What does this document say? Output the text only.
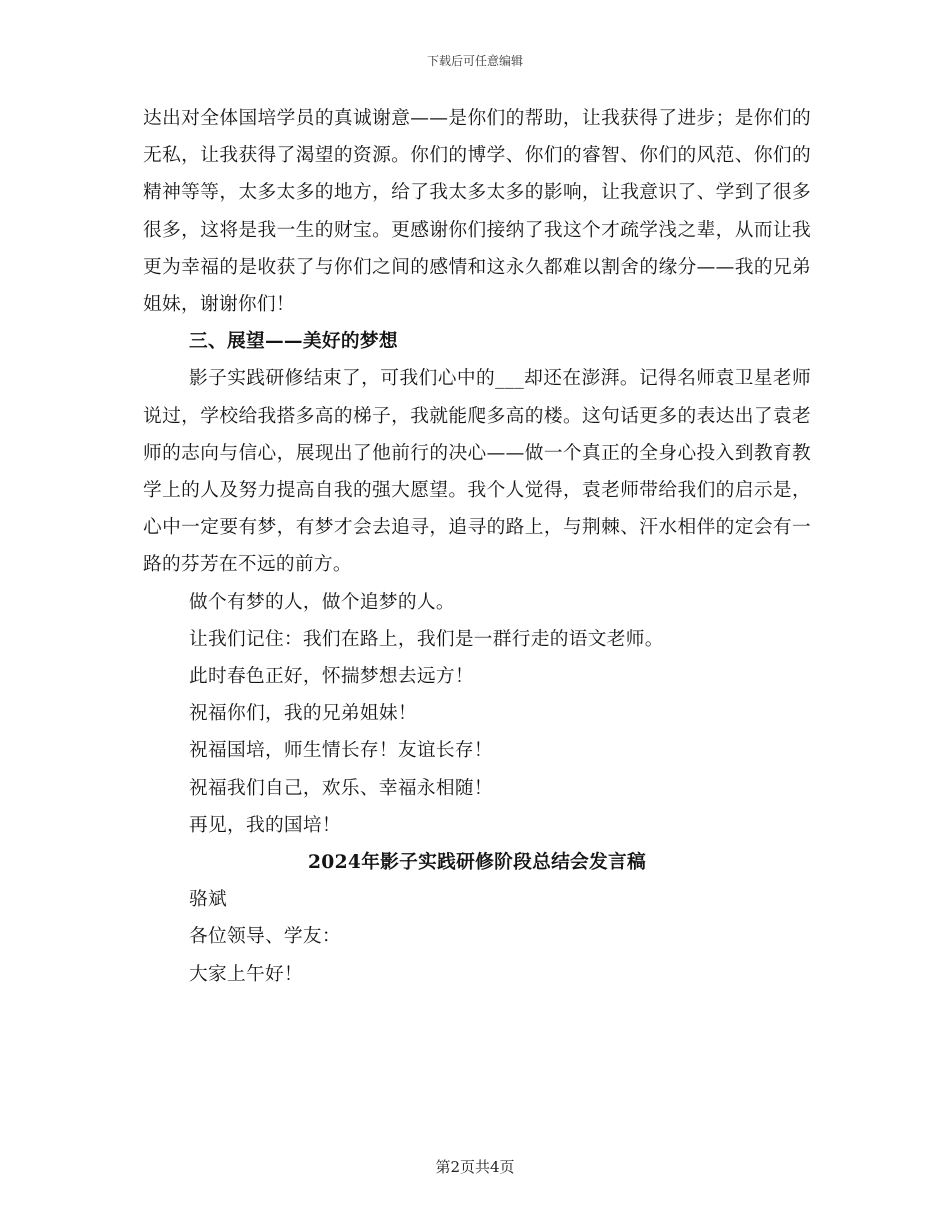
下载后可任意编辑

达出对全体国培学员的真诚谢意——是你们的帮助，让我获得了进步；是你们的无私，让我获得了渴望的资源。你们的博学、你们的睿智、你们的风范、你们的精神等等，太多太多的地方，给了我太多太多的影响，让我意识了、学到了很多很多，这将是我一生的财宝。更感谢你们接纳了我这个才疏学浅之辈，从而让我更为幸福的是收获了与你们之间的感情和这永久都难以割舍的缘分——我的兄弟姐妹，谢谢你们！

三、展望——美好的梦想

影子实践研修结束了，可我们心中的___却还在澎湃。记得名师袁卫星老师说过，学校给我搭多高的梯子，我就能爬多高的楼。这句话更多的表达出了袁老师的志向与信心，展现出了他前行的决心——做一个真正的全身心投入到教育教学上的人及努力提高自我的强大愿望。我个人觉得，袁老师带给我们的启示是，心中一定要有梦，有梦才会去追寻，追寻的路上，与荆棘、汗水相伴的定会有一路的芬芳在不远的前方。

做个有梦的人，做个追梦的人。

让我们记住：我们在路上，我们是一群行走的语文老师。

此时春色正好，怀揣梦想去远方！

祝福你们，我的兄弟姐妹！

祝福国培，师生情长存！友谊长存！

祝福我们自己，欢乐、幸福永相随！

再见，我的国培！

2024年影子实践研修阶段总结会发言稿

骆斌

各位领导、学友：

大家上午好！

第2页共4页
